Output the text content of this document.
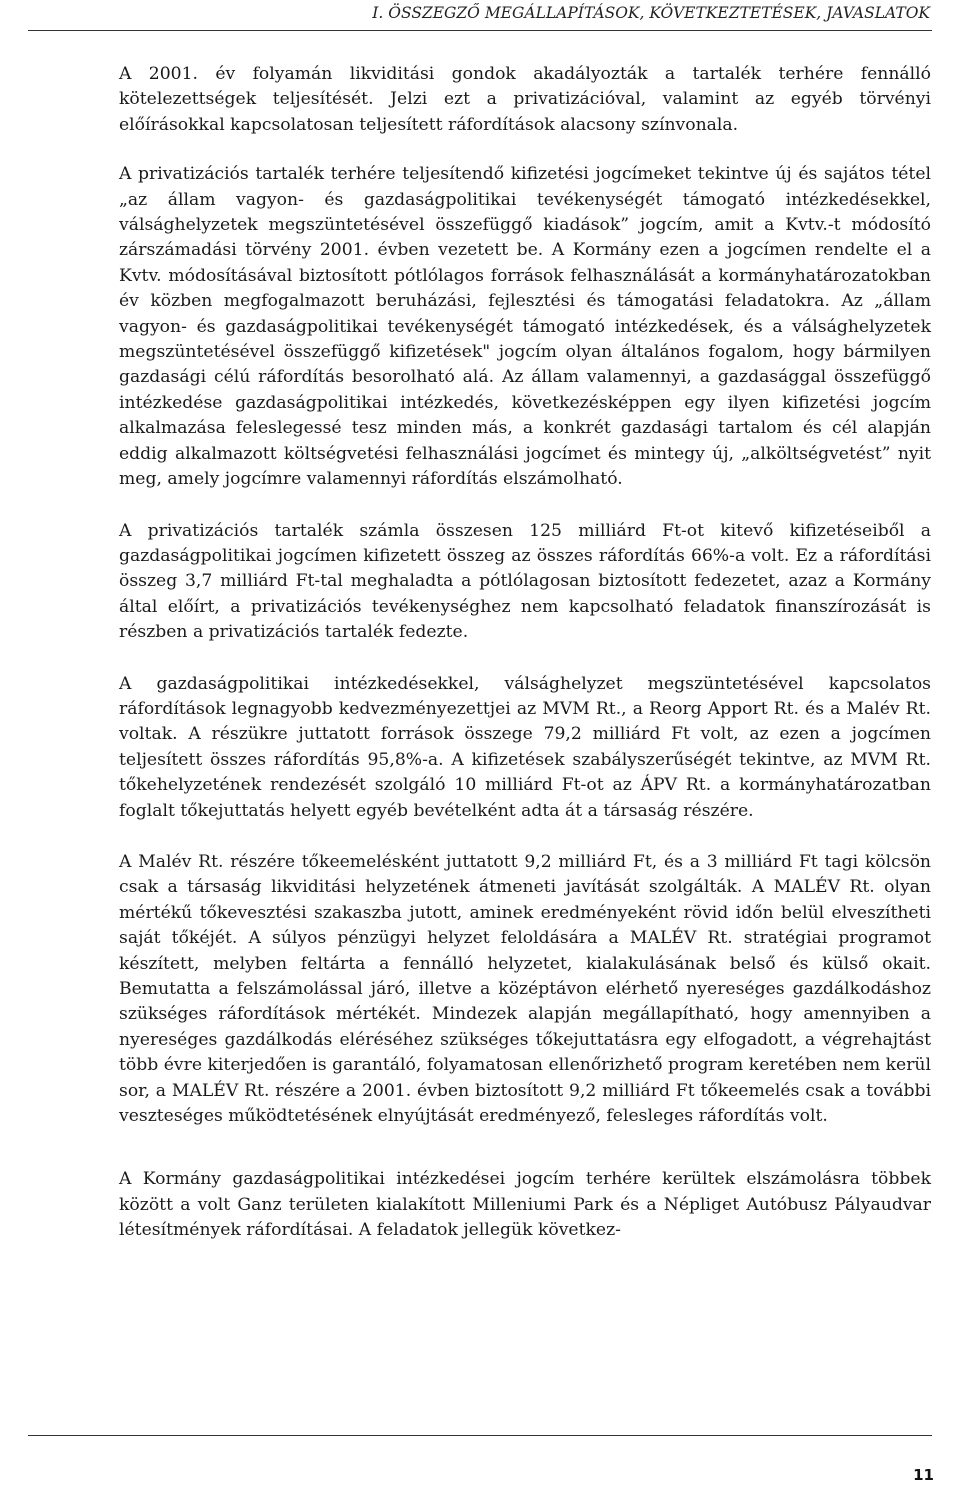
I. ÖSSZEGZŐ MEGÁLLAPÍTÁSOK, KÖVETKEZTETÉSEK, JAVASLATOK

A 2001. év folyamán likviditási gondok akadályozták a tartalék terhére fennálló kötelezettségek teljesítését. Jelzi ezt a privatizációval, valamint az egyéb törvényi előírásokkal kapcsolatosan teljesített ráfordítások alacsony színvonala.

A privatizációs tartalék terhére teljesítendő kifizetési jogcímeket tekintve új és sajátos tétel „az állam vagyon- és gazdaságpolitikai tevékenységét támogató intézkedésekkel, válsághelyzetek megszüntetésével összefüggő kiadások” jogcím, amit a Kvtv.-t módosító zárszámadási törvény 2001. évben vezetett be. A Kormány ezen a jogcímen rendelte el a Kvtv. módosításával biztosított pótlólagos források felhasználását a kormányhatározatokban év közben megfogalmazott beruházási, fejlesztési és támogatási feladatokra. Az „állam vagyon- és gazdaságpolitikai tevékenységét támogató intézkedések, és a válsághelyzetek megszüntetésével összefüggő kifizetések" jogcím olyan általános fogalom, hogy bármilyen gazdasági célú ráfordítás besorolható alá. Az állam valamennyi, a gazdasággal összefüggő intézkedése gazdaságpolitikai intézkedés, következésképpen egy ilyen kifizetési jogcím alkalmazása feleslegessé tesz minden más, a konkrét gazdasági tartalom és cél alapján eddig alkalmazott költségvetési felhasználási jogcímet és mintegy új, „alköltségvetést” nyit meg, amely jogcímre valamennyi ráfordítás elszámolható.

A privatizációs tartalék számla összesen 125 milliárd Ft-ot kitevő kifizetéseiből a gazdaságpolitikai jogcímen kifizetett összeg az összes ráfordítás 66%-a volt. Ez a ráfordítási összeg 3,7 milliárd Ft-tal meghaladta a pótlólagosan biztosított fedezetet, azaz a Kormány által előírt, a privatizációs tevékenységhez nem kapcsolható feladatok finanszírozását is részben a privatizációs tartalék fedezte.

A gazdaságpolitikai intézkedésekkel, válsághelyzet megszüntetésével kapcsolatos ráfordítások legnagyobb kedvezményezettjei az MVM Rt., a Reorg Apport Rt. és a Malév Rt. voltak. A részükre juttatott források összege 79,2 milliárd Ft volt, az ezen a jogcímen teljesített összes ráfordítás 95,8%-a. A kifizetések szabályszerűségét tekintve, az MVM Rt. tőkehelyzetének rendezését szolgáló 10 milliárd Ft-ot az ÁPV Rt. a kormányhatározatban foglalt tőkejuttatás helyett egyéb bevételként adta át a társaság részére.

A Malév Rt. részére tőkeemelésként juttatott 9,2 milliárd Ft, és a 3 milliárd Ft tagi kölcsön csak a társaság likviditási helyzetének átmeneti javítását szolgálták. A MALÉV Rt. olyan mértékű tőkevesztési szakaszba jutott, aminek eredményeként rövid időn belül elveszítheti saját tőkéjét. A súlyos pénzügyi helyzet feloldására a MALÉV Rt. stratégiai programot készített, melyben feltárta a fennálló helyzetet, kialakulásának belső és külső okait. Bemutatta a felszámolással járó, illetve a középtávon elérhető nyereséges gazdálkodáshoz szükséges ráfordítások mértékét. Mindezek alapján megállapítható, hogy amennyiben a nyereséges gazdálkodás eléréséhez szükséges tőkejuttatásra egy elfogadott, a végrehajtást több évre kiterjedően is garantáló, folyamatosan ellenőrizhető program keretében nem kerül sor, a MALÉV Rt. részére a 2001. évben biztosított 9,2 milliárd Ft tőkeemelés csak a további veszteséges működtetésének elnyújtását eredményező, felesleges ráfordítás volt.

A Kormány gazdaságpolitikai intézkedései jogcím terhére kerültek elszámolásra többek között a volt Ganz területen kialakított Milleniumi Park és a Népliget Autóbusz Pályaudvar létesítmények ráfordításai. A feladatok jellegük következ-

11
